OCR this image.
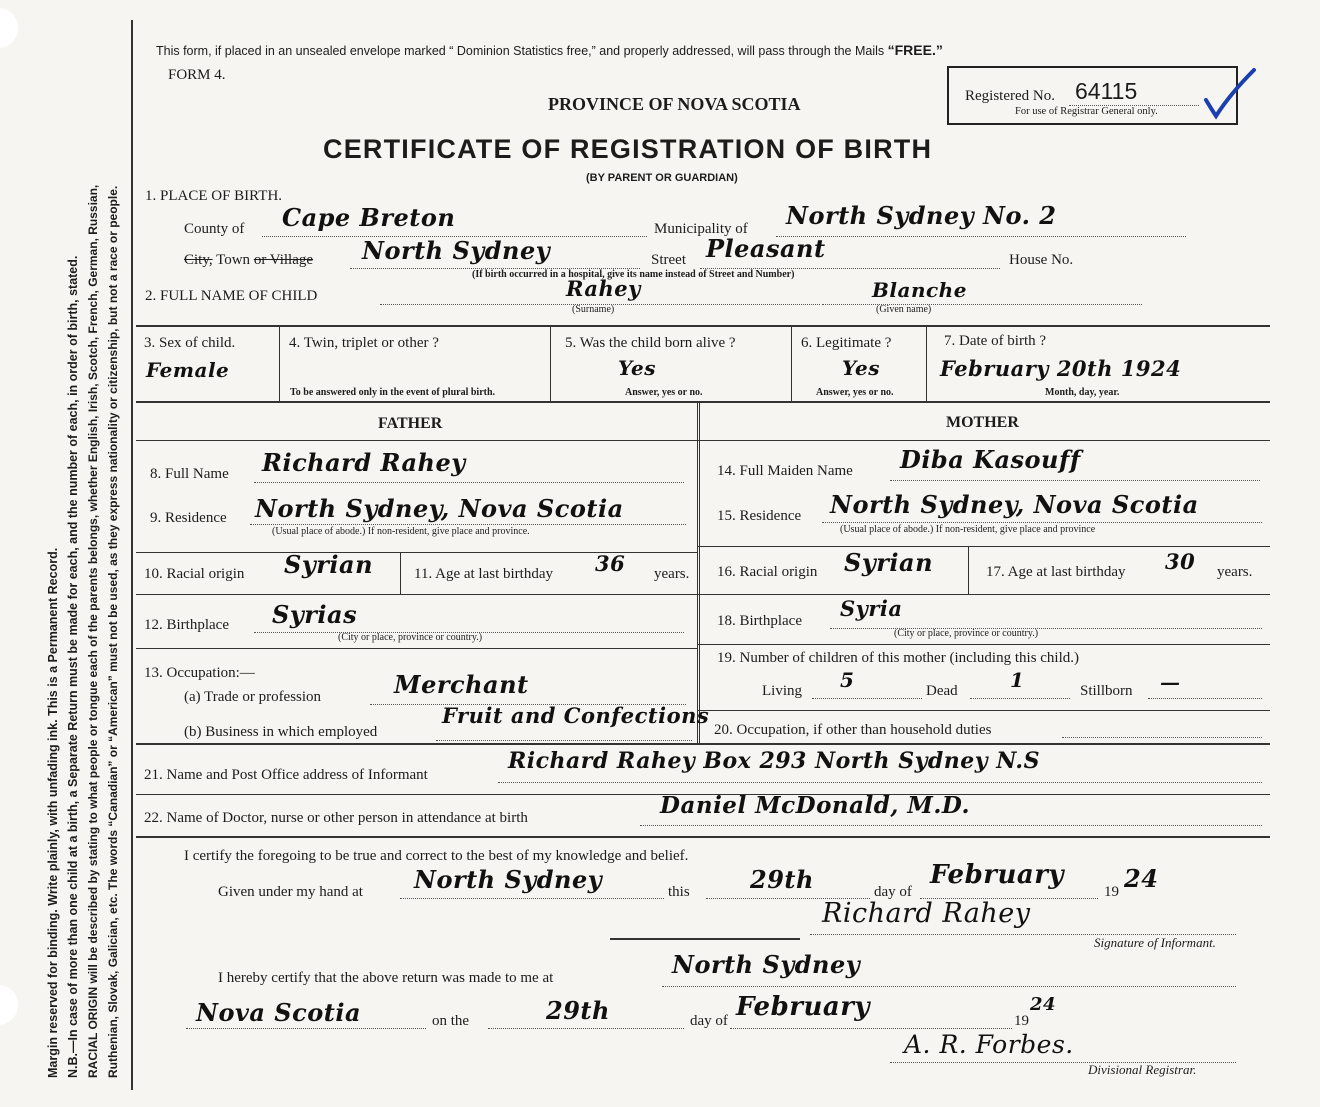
Margin reserved for binding. Write plainly, with unfading ink. This is a Permanent Record. N.B.—In case of more than one child at a birth, a Separate Return must be made for each, and the number of each, in order of birth, stated. RACIAL ORIGIN will be described by stating to what people or tongue each of the parents belongs, whether English, Irish, Scotch, French, German, Russian, Ruthenian, Slovak, Galician, etc. The words “Canadian” or “American” must not be used, as they express nationality or citizenship, but not a race or people.
This form, if placed in an unsealed envelope marked “ Dominion Statistics free,” and properly addressed, will pass through the Mails “FREE.”
FORM 4.
PROVINCE OF NOVA SCOTIA
CERTIFICATE OF REGISTRATION OF BIRTH
(BY PARENT OR GUARDIAN)
Registered No. 64115
For use of Registrar General only.
1. PLACE OF BIRTH.
County of Cape Breton	Municipality of North Sydney No. 2
City, Town or Village North Sydney	Street Pleasant	House No.
(If birth occurred in a hospital, give its name instead of Street and Number)
2. FULL NAME OF CHILD	Rahey	Blanche
(Surname)	(Given name)
3. Sex of child.
Female
4. Twin, triplet or other ?
To be answered only in the event of plural birth.
5. Was the child born alive ?
Yes
Answer, yes or no.
6. Legitimate ?
Yes
Answer, yes or no.
7. Date of birth ?
February 20th 1924
Month, day, year.
FATHER	MOTHER
8. Full Name Richard Rahey
9. Residence North Sydney, Nova Scotia
(Usual place of abode.) If non-resident, give place and province.
10. Racial origin Syrian	11. Age at last birthday 36 years.
12. Birthplace Syrias
(City or place, province or country.)
13. Occupation:—
(a) Trade or profession	Merchant
(b) Business in which employed
Fruit and Confections
14. Full Maiden Name Diba Kasouff
15. Residence North Sydney, Nova Scotia
(Usual place of abode.) If non-resident, give place and province
16. Racial origin Syrian	17. Age at last birthday 30 years.
18. Birthplace Syria
(City or place, province or country.)
19. Number of children of this mother (including this child.)
Living 5	Dead	1	Stillborn —
20. Occupation, if other than household duties
21. Name and Post Office address of Informant
Richard Rahey Box 293 North Sydney N.S
22. Name of Doctor, nurse or other person in attendance at birth	Daniel McDonald, M.D.
I certify the foregoing to be true and correct to the best of my knowledge and belief.
Given under my hand at North Sydney	this	29th	day of
February
19 24
Richard Rahey
Signature of Informant.
I hereby certify that the above return was made to me at	North Sydney
Nova Scotia	on the	29th	day of February	19
24
A. R. Forbes.
Divisional Registrar.
